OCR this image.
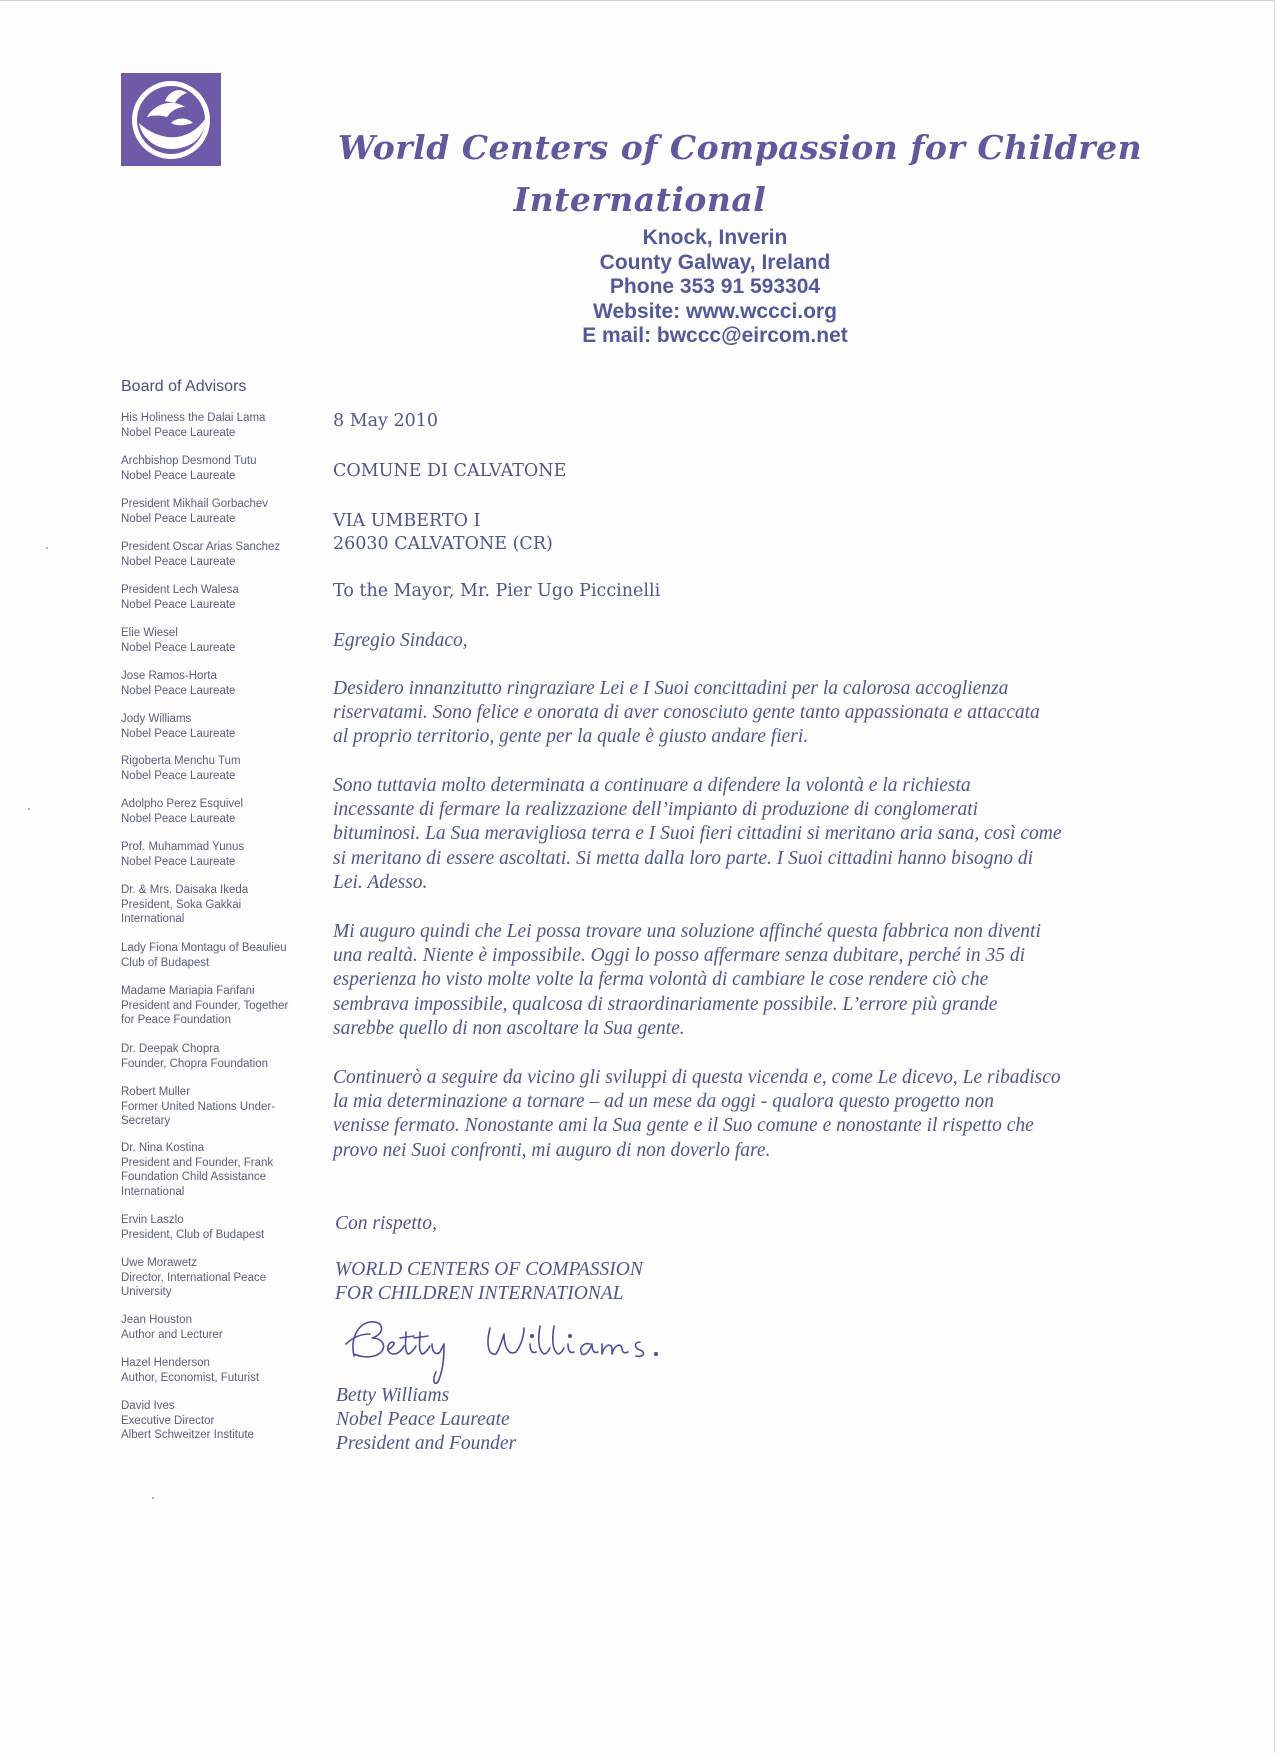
World Centers of Compassion for Children
International
Knock, Inverin
County Galway, Ireland
Phone 353 91 593304
Website: www.wccci.org
E mail: bwccc@eircom.net
Board of Advisors
His Holiness the Dalai Lama
Nobel Peace Laureate
Archbishop Desmond Tutu
Nobel Peace Laureate
President Mikhail Gorbachev
Nobel Peace Laureate
President Oscar Arias Sanchez
Nobel Peace Laureate
President Lech Walesa
Nobel Peace Laureate
Elie Wiesel
Nobel Peace Laureate
Jose Ramos-Horta
Nobel Peace Laureate
Jody Williams
Nobel Peace Laureate
Rigoberta Menchu Tum
Nobel Peace Laureate
Adolpho Perez Esquivel
Nobel Peace Laureate
Prof. Muhammad Yunus
Nobel Peace Laureate
Dr. & Mrs. Daisaka Ikeda
President, Soka Gakkai
International
Lady Fiona Montagu of Beaulieu
Club of Budapest
Madame Mariapia Fanfani
President and Founder, Together
for Peace Foundation
Dr. Deepak Chopra
Founder, Chopra Foundation
Robert Muller
Former United Nations Under-
Secretary
Dr. Nina Kostina
President and Founder, Frank
Foundation Child Assistance
International
Ervin Laszlo
President, Club of Budapest
Uwe Morawetz
Director, International Peace
University
Jean Houston
Author and Lecturer
Hazel Henderson
Author, Economist, Futurist
David Ives
Executive Director
Albert Schweitzer Institute
8 May 2010
COMUNE DI CALVATONE
VIA UMBERTO I
26030 CALVATONE (CR)
To the Mayor, Mr. Pier Ugo Piccinelli
Egregio Sindaco,
Desidero innanzitutto ringraziare Lei e I Suoi concittadini per la calorosa accoglienza
riservatami. Sono felice e onorata di aver conosciuto gente tanto appassionata e attaccata
al proprio territorio, gente per la quale è giusto andare fieri.
Sono tuttavia molto determinata a continuare a difendere la volontà e la richiesta
incessante di fermare la realizzazione dell’impianto di produzione di conglomerati
bituminosi. La Sua meravigliosa terra e I Suoi fieri cittadini si meritano aria sana, così come
si meritano di essere ascoltati. Si metta dalla loro parte. I Suoi cittadini hanno bisogno di
Lei. Adesso.
Mi auguro quindi che Lei possa trovare una soluzione affinché questa fabbrica non diventi
una realtà. Niente è impossibile. Oggi lo posso affermare senza dubitare, perché in 35 di
esperienza ho visto molte volte la ferma volontà di cambiare le cose rendere ciò che
sembrava impossibile, qualcosa di straordinariamente possibile. L’errore più grande
sarebbe quello di non ascoltare la Sua gente.
Continuerò a seguire da vicino gli sviluppi di questa vicenda e, come Le dicevo, Le ribadisco
la mia determinazione a tornare – ad un mese da oggi - qualora questo progetto non
venisse fermato. Nonostante ami la Sua gente e il Suo comune e nonostante il rispetto che
provo nei Suoi confronti, mi auguro di non doverlo fare.
Con rispetto,
WORLD CENTERS OF COMPASSION
FOR CHILDREN INTERNATIONAL
Betty Williams
Nobel Peace Laureate
President and Founder
